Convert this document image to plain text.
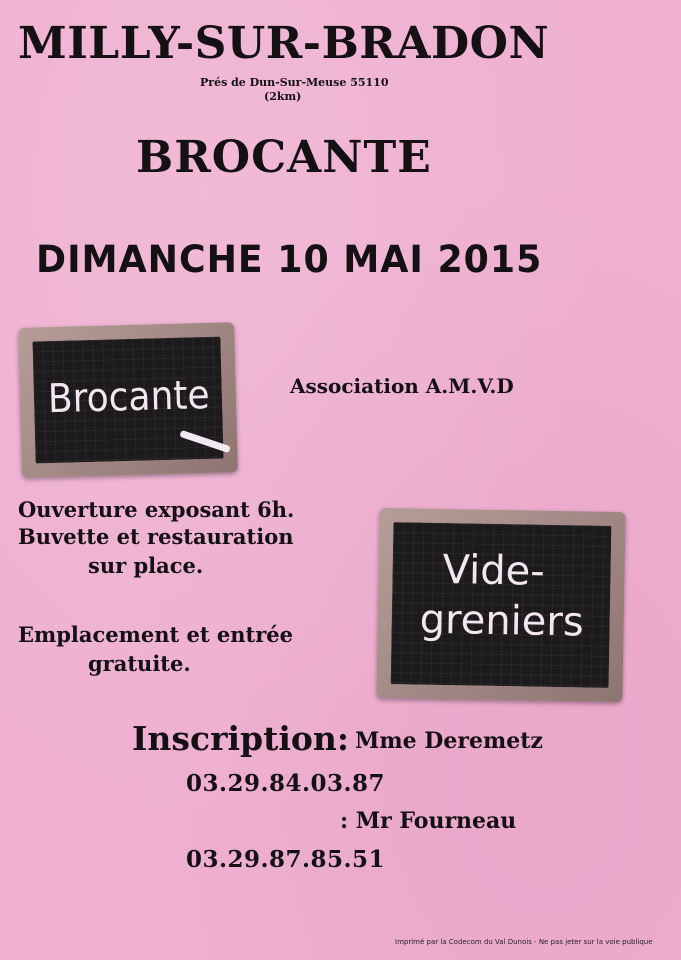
MILLY-SUR-BRADON
Prés de Dun-Sur-Meuse 55110
(2km)
BROCANTE
DIMANCHE 10 MAI 2015
Brocante	Association A.M.V.D
Ouverture exposant 6h.
Buvette et restauration
sur place.
Emplacement et entrée
gratuite.
Vide-
greniers
Inscription: Mme Deremetz
03.29.84.03.87
: Mr Fourneau
03.29.87.85.51
Imprimé par la Codecom du Val Dunois - Ne pas jeter sur la voie publique
